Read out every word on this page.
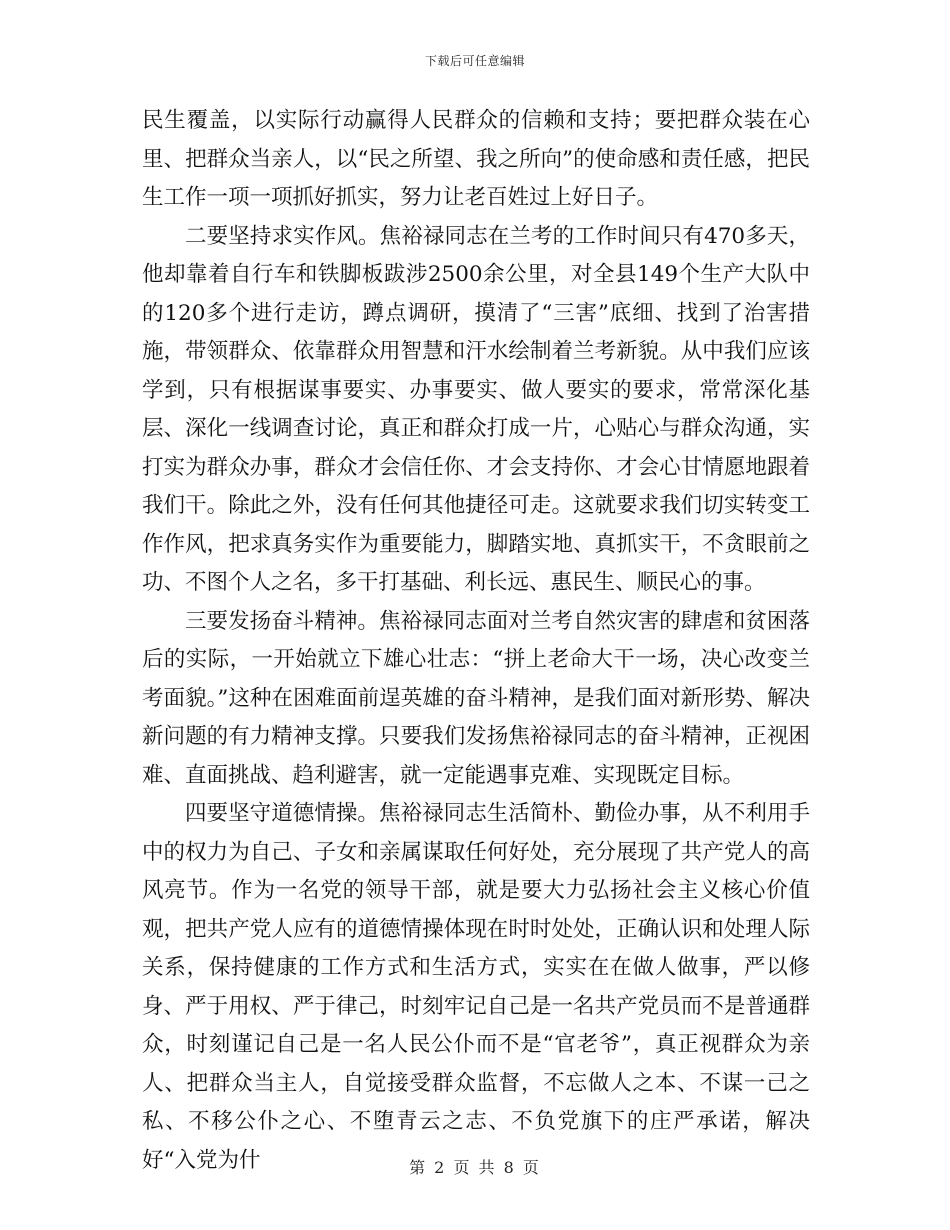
下载后可任意编辑

民生覆盖，以实际行动赢得人民群众的信赖和支持；要把群众装在心里、把群众当亲人，以“民之所望、我之所向”的使命感和责任感，把民生工作一项一项抓好抓实，努力让老百姓过上好日子。

二要坚持求实作风。焦裕禄同志在兰考的工作时间只有470多天，他却靠着自行车和铁脚板跋涉2500余公里，对全县149个生产大队中的120多个进行走访，蹲点调研，摸清了“三害”底细、找到了治害措施，带领群众、依靠群众用智慧和汗水绘制着兰考新貌。从中我们应该学到，只有根据谋事要实、办事要实、做人要实的要求，常常深化基层、深化一线调查讨论，真正和群众打成一片，心贴心与群众沟通，实打实为群众办事，群众才会信任你、才会支持你、才会心甘情愿地跟着我们干。除此之外，没有任何其他捷径可走。这就要求我们切实转变工作作风，把求真务实作为重要能力，脚踏实地、真抓实干，不贪眼前之功、不图个人之名，多干打基础、利长远、惠民生、顺民心的事。

三要发扬奋斗精神。焦裕禄同志面对兰考自然灾害的肆虐和贫困落后的实际，一开始就立下雄心壮志：“拼上老命大干一场，决心改变兰考面貌。”这种在困难面前逞英雄的奋斗精神，是我们面对新形势、解决新问题的有力精神支撑。只要我们发扬焦裕禄同志的奋斗精神，正视困难、直面挑战、趋利避害，就一定能遇事克难、实现既定目标。

四要坚守道德情操。焦裕禄同志生活简朴、勤俭办事，从不利用手中的权力为自己、子女和亲属谋取任何好处，充分展现了共产党人的高风亮节。作为一名党的领导干部，就是要大力弘扬社会主义核心价值观，把共产党人应有的道德情操体现在时时处处，正确认识和处理人际关系，保持健康的工作方式和生活方式，实实在在做人做事，严以修身、严于用权、严于律己，时刻牢记自己是一名共产党员而不是普通群众，时刻谨记自己是一名人民公仆而不是“官老爷”，真正视群众为亲人、把群众当主人，自觉接受群众监督，不忘做人之本、不谋一己之私、不移公仆之心、不堕青云之志、不负党旗下的庄严承诺，解决好“入党为什	第 2 页 共 8 页
